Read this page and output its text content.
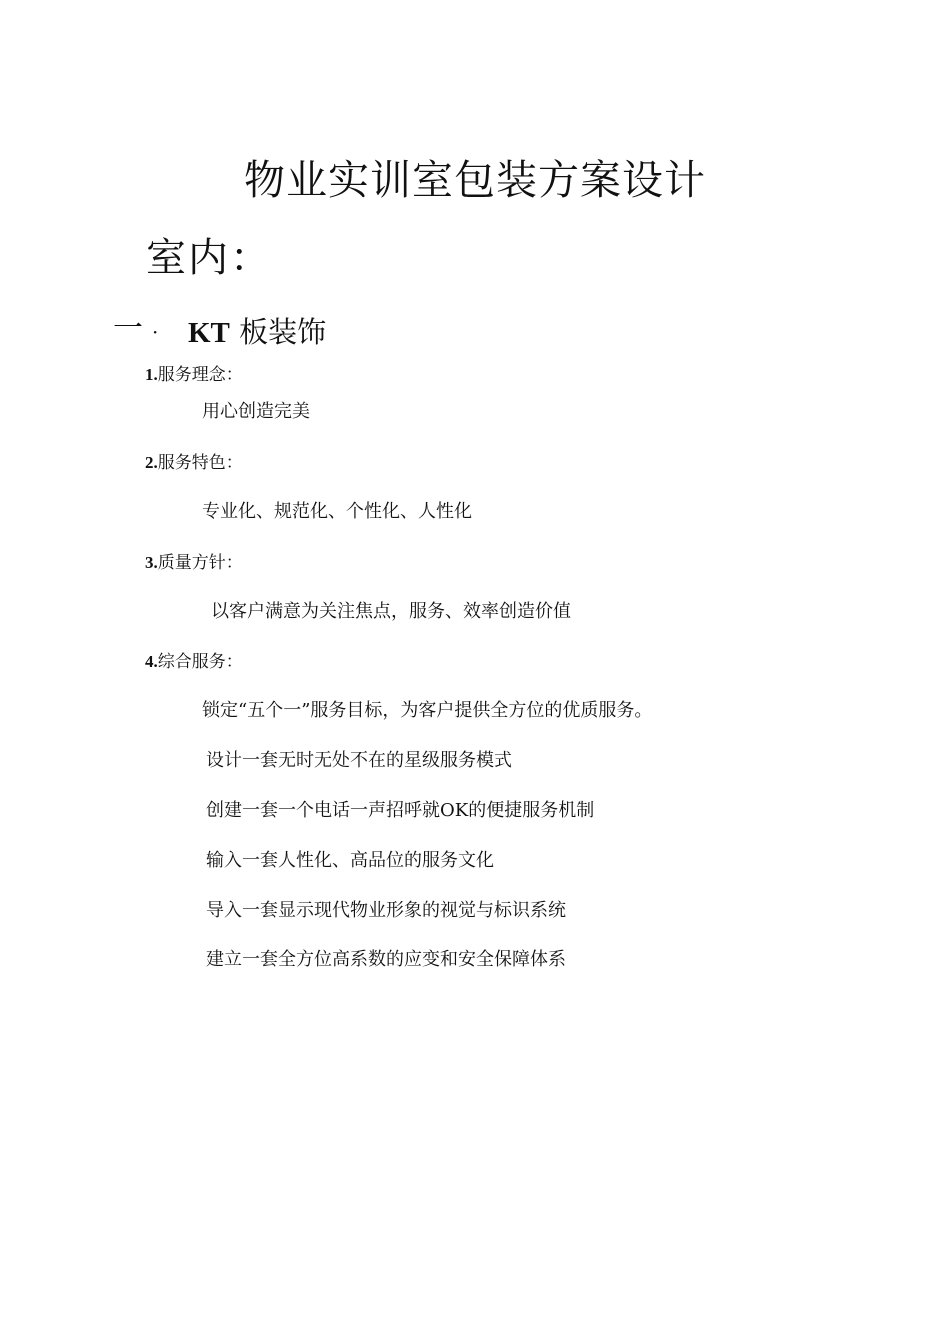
物业实训室包装方案设计
室内：
一 · KT 板装饰
1.服务理念：
用心创造完美
2.服务特色：
专业化、规范化、个性化、人性化
3.质量方针：
以客户满意为关注焦点，服务、效率创造价值
4.综合服务：
锁定“五个一”服务目标，为客户提供全方位的优质服务。
设计一套无时无处不在的星级服务模式
创建一套一个电话一声招呼就OK的便捷服务机制
输入一套人性化、高品位的服务文化
导入一套显示现代物业形象的视觉与标识系统
建立一套全方位高系数的应变和安全保障体系
